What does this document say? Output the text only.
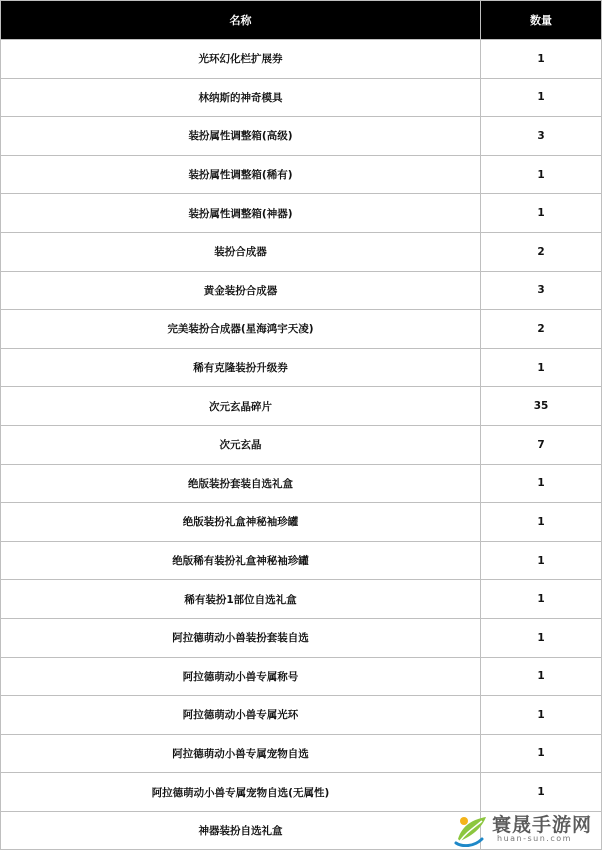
名称	数量
光环幻化栏扩展券	1
林纳斯的神奇模具	1
装扮属性调整箱(高级)	3
装扮属性调整箱(稀有)	1
装扮属性调整箱(神器)	1
装扮合成器	2
黄金装扮合成器	3
完美装扮合成器(星海鸿宇天凌)	2
稀有克隆装扮升级券	1
次元玄晶碎片	35
次元玄晶	7
绝版装扮套装自选礼盒	1
绝版装扮礼盒神秘袖珍罐	1
绝版稀有装扮礼盒神秘袖珍罐	1
稀有装扮1部位自选礼盒	1
阿拉德萌动小兽装扮套装自选	1
阿拉德萌动小兽专属称号	1
阿拉德萌动小兽专属光环	1
阿拉德萌动小兽专属宠物自选	1
阿拉德萌动小兽专属宠物自选(无属性)	1
神器装扮自选礼盒		寰晟手游网
huan-sun.com
